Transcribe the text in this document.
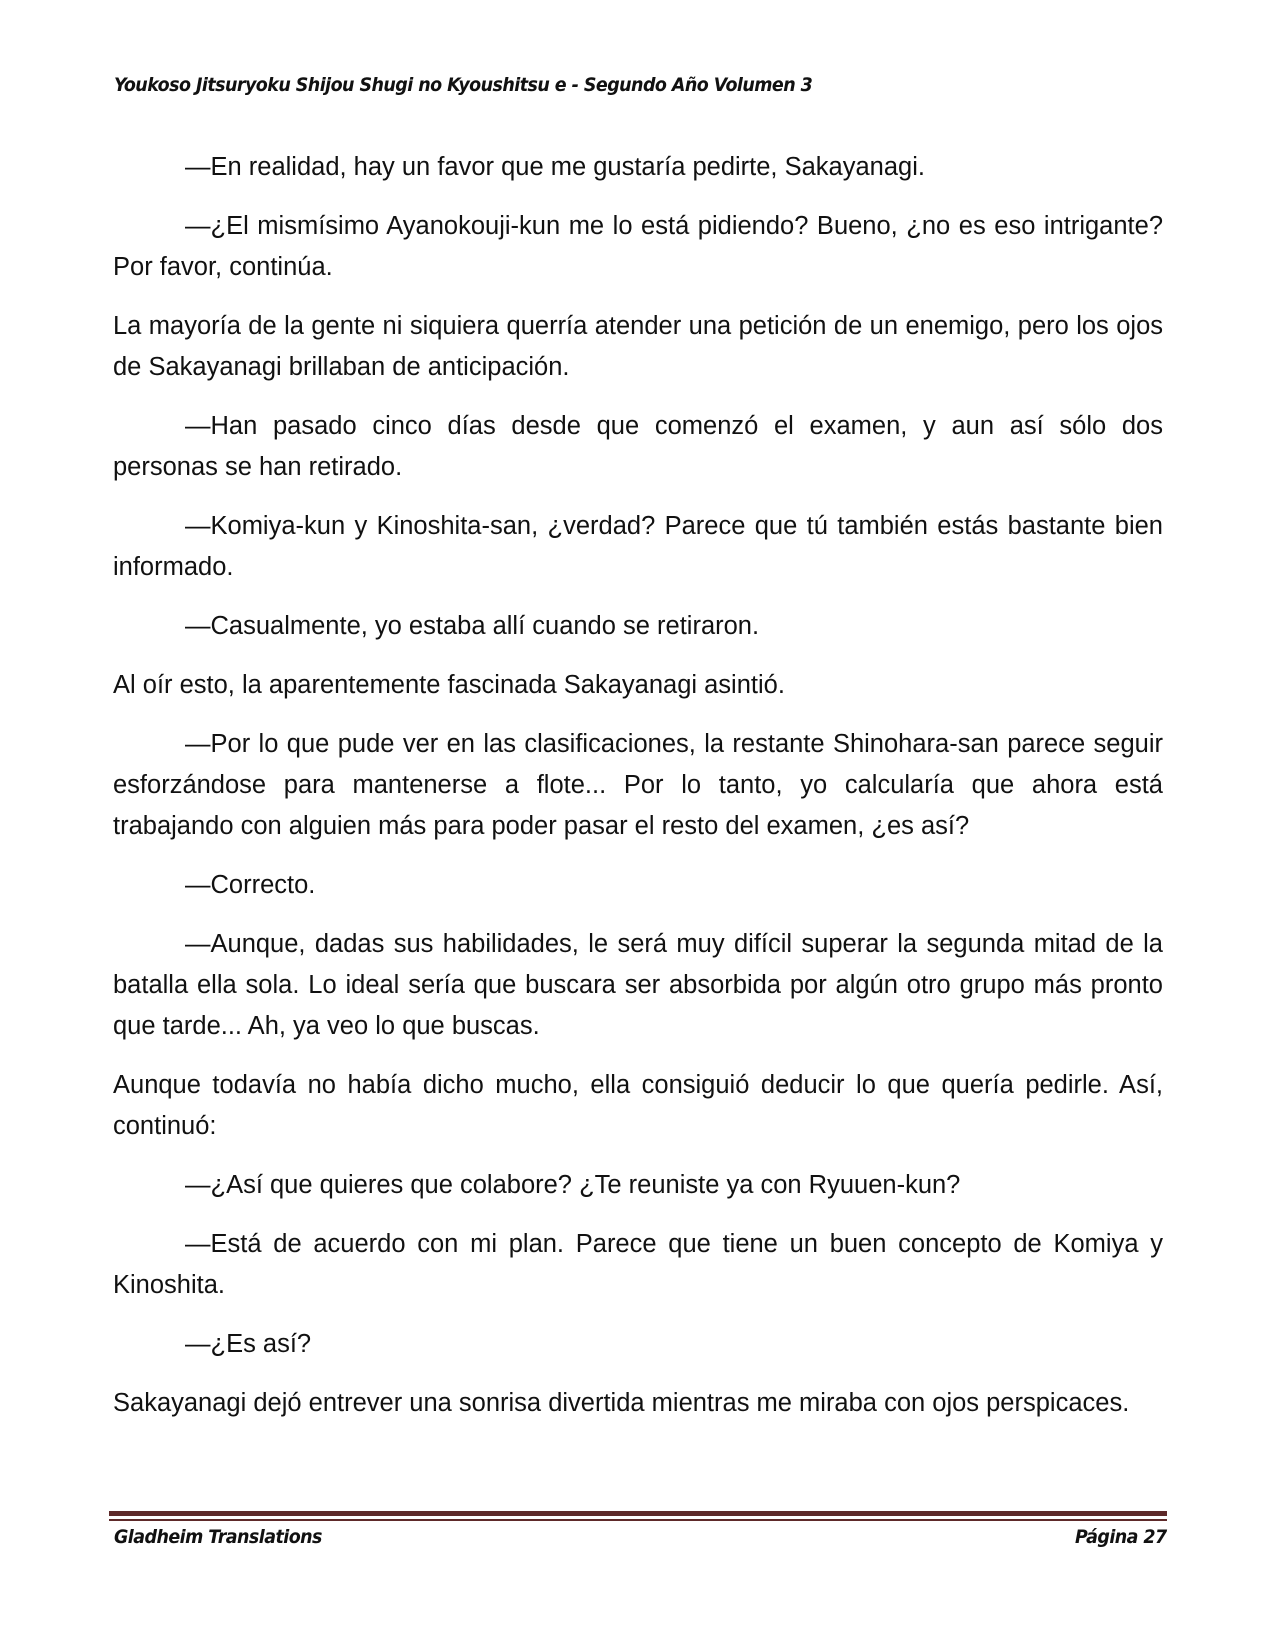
Youkoso Jitsuryoku Shijou Shugi no Kyoushitsu e - Segundo Año Volumen 3

—En realidad, hay un favor que me gustaría pedirte, Sakayanagi.

—¿El mismísimo Ayanokouji-kun me lo está pidiendo? Bueno, ¿no es eso intrigante? Por favor, continúa.

La mayoría de la gente ni siquiera querría atender una petición de un enemigo, pero los ojos de Sakayanagi brillaban de anticipación.

—Han pasado cinco días desde que comenzó el examen, y aun así sólo dos personas se han retirado.

—Komiya-kun y Kinoshita-san, ¿verdad? Parece que tú también estás bastante bien informado.

—Casualmente, yo estaba allí cuando se retiraron.

Al oír esto, la aparentemente fascinada Sakayanagi asintió.

—Por lo que pude ver en las clasificaciones, la restante Shinohara-san parece seguir esforzándose para mantenerse a flote... Por lo tanto, yo calcularía que ahora está trabajando con alguien más para poder pasar el resto del examen, ¿es así?

—Correcto.

—Aunque, dadas sus habilidades, le será muy difícil superar la segunda mitad de la batalla ella sola. Lo ideal sería que buscara ser absorbida por algún otro grupo más pronto que tarde... Ah, ya veo lo que buscas.

Aunque todavía no había dicho mucho, ella consiguió deducir lo que quería pedirle. Así, continuó:

—¿Así que quieres que colabore? ¿Te reuniste ya con Ryuuen-kun?

—Está de acuerdo con mi plan. Parece que tiene un buen concepto de Komiya y Kinoshita.

—¿Es así?

Sakayanagi dejó entrever una sonrisa divertida mientras me miraba con ojos perspicaces.

Gladheim Translations	Página 27
